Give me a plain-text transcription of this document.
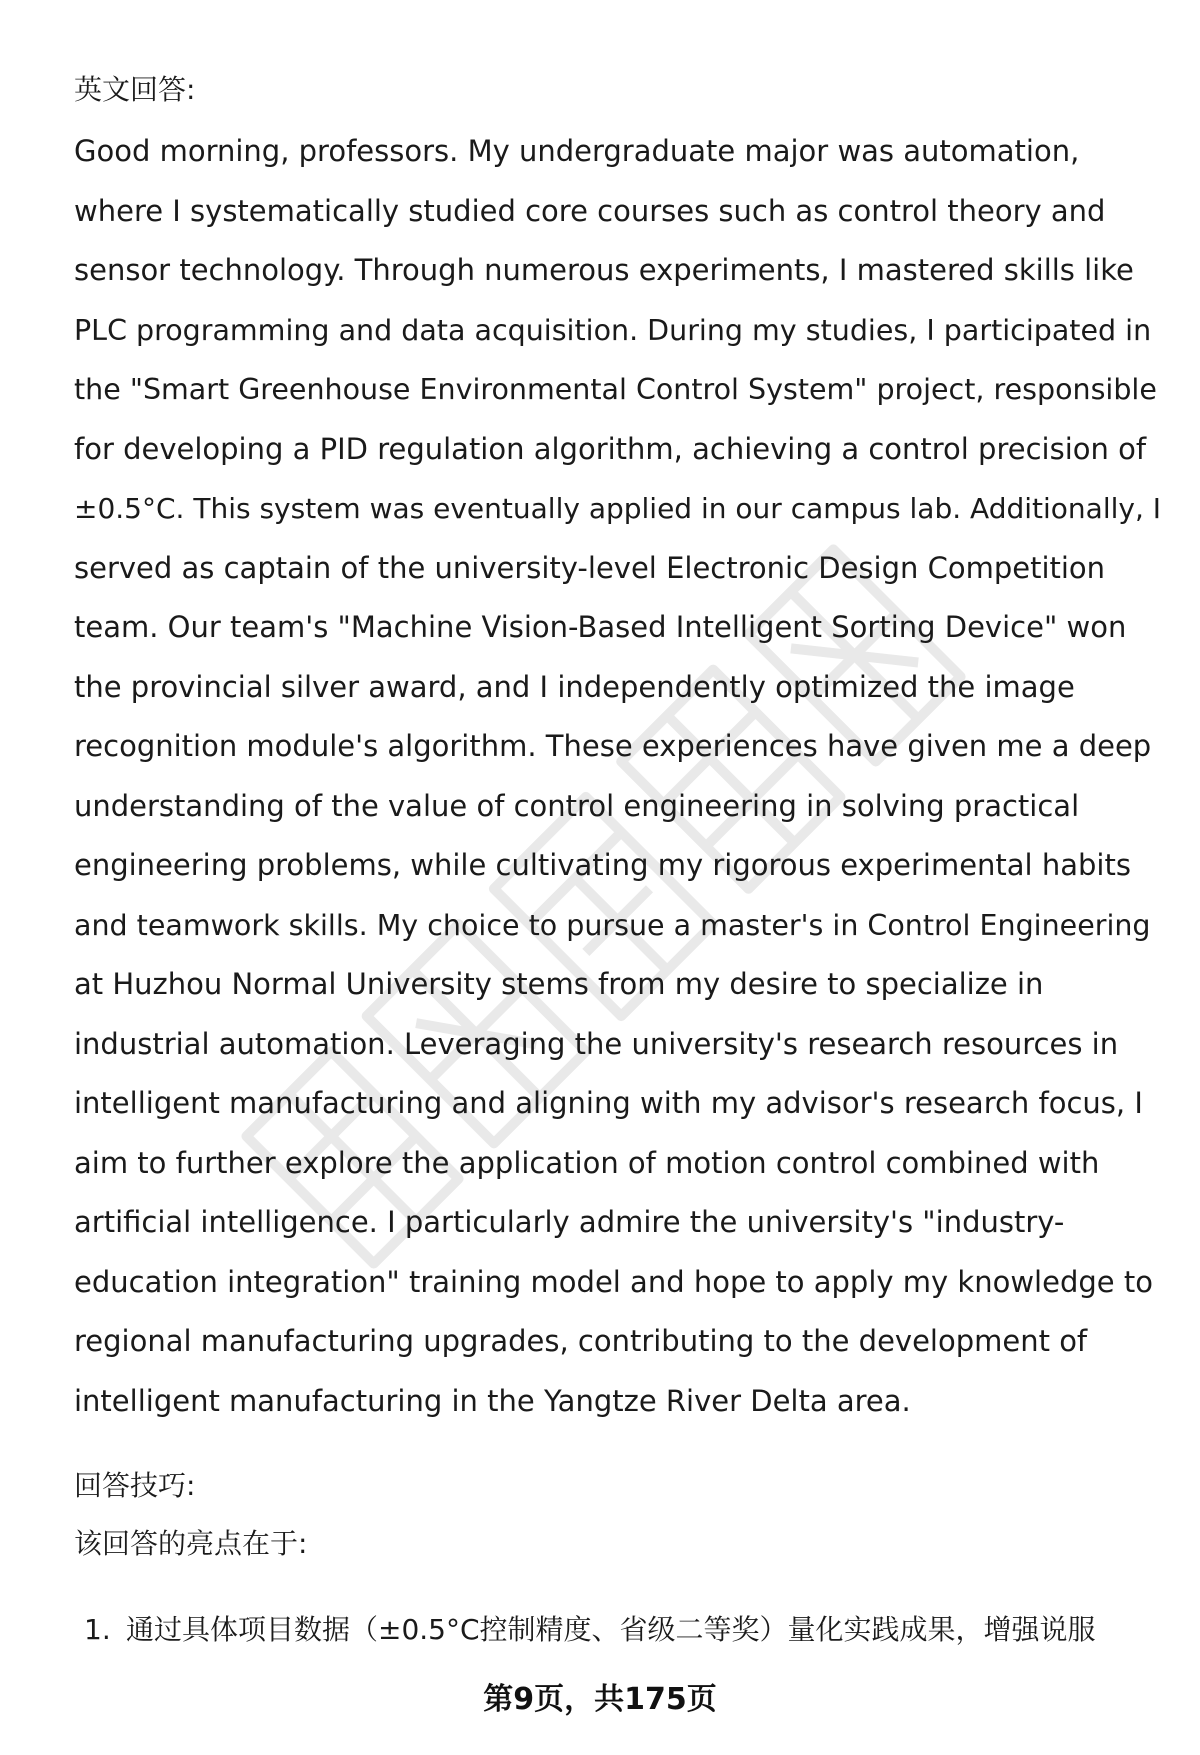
英文回答:
Good morning, professors. My undergraduate major was automation,
where I systematically studied core courses such as control theory and
sensor technology. Through numerous experiments, I mastered skills like
PLC programming and data acquisition. During my studies, I participated in
the "Smart Greenhouse Environmental Control System" project, responsible
for developing a PID regulation algorithm, achieving a control precision of
±0.5°C. This system was eventually applied in our campus lab. Additionally, I
served as captain of the university-level Electronic Design Competition
team. Our team's "Machine Vision-Based Intelligent Sorting Device" won
the provincial silver award, and I independently optimized the image
recognition module's algorithm. These experiences have given me a deep
understanding of the value of control engineering in solving practical
engineering problems, while cultivating my rigorous experimental habits
and teamwork skills. My choice to pursue a master's in Control Engineering
at Huzhou Normal University stems from my desire to specialize in
industrial automation. Leveraging the university's research resources in
intelligent manufacturing and aligning with my advisor's research focus, I
aim to further explore the application of motion control combined with
artificial intelligence. I particularly admire the university's "industry-
education integration" training model and hope to apply my knowledge to
regional manufacturing upgrades, contributing to the development of
intelligent manufacturing in the Yangtze River Delta area.
回答技巧:
该回答的亮点在于:
1. 通过具体项目数据（±0.5°C控制精度、省级二等奖）量化实践成果，增强说服
第9页，共175页
